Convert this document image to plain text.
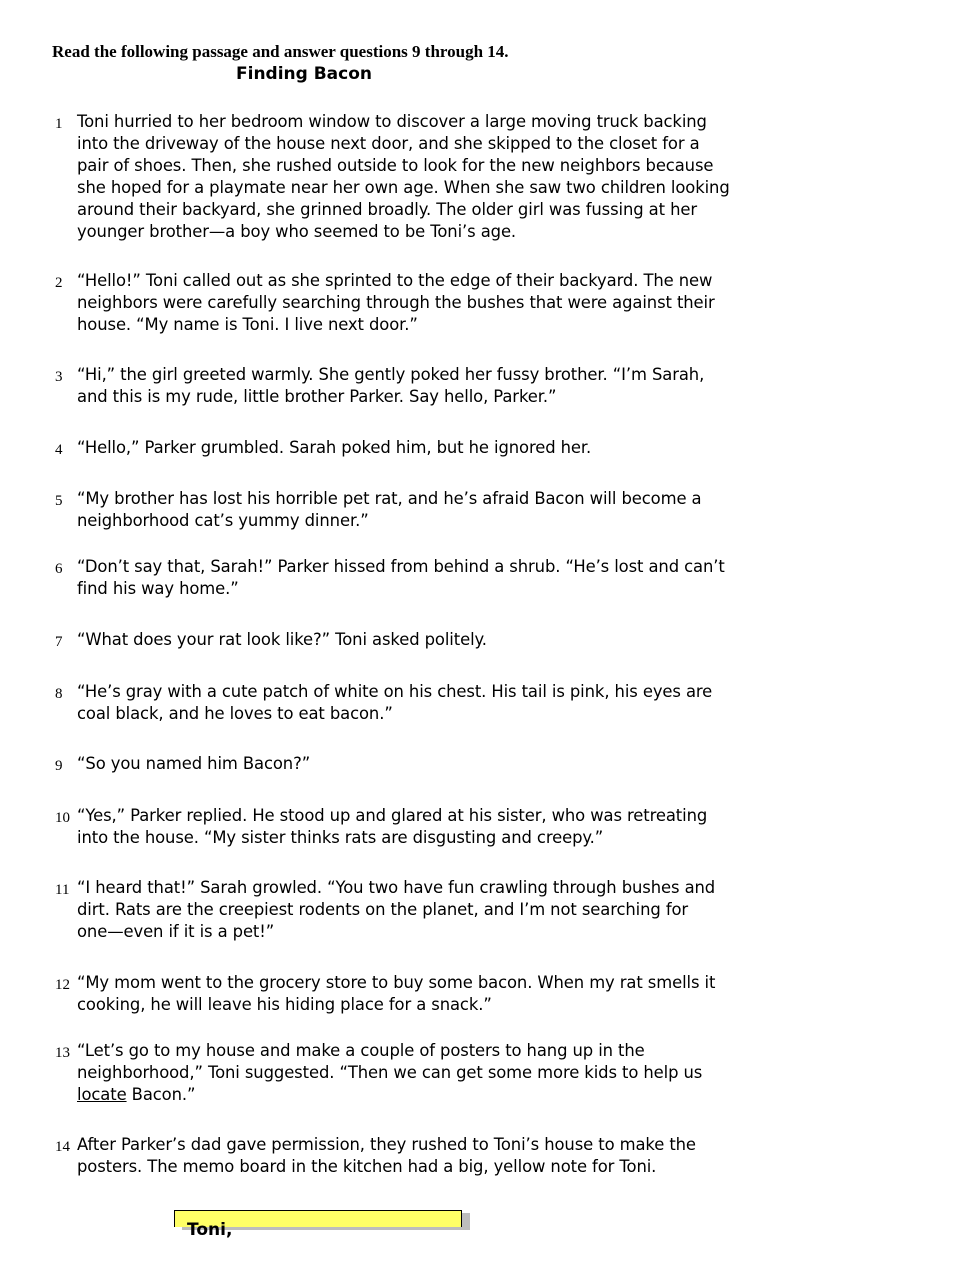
Read the following passage and answer questions 9 through 14.
Finding Bacon
1 Toni hurried to her bedroom window to discover a large moving truck backing
into the driveway of the house next door, and she skipped to the closet for a
pair of shoes. Then, she rushed outside to look for the new neighbors because
she hoped for a playmate near her own age. When she saw two children looking
around their backyard, she grinned broadly. The older girl was fussing at her
younger brother—a boy who seemed to be Toni’s age.
2 “Hello!” Toni called out as she sprinted to the edge of their backyard. The new
neighbors were carefully searching through the bushes that were against their
house. “My name is Toni. I live next door.”
3 “Hi,” the girl greeted warmly. She gently poked her fussy brother. “I’m Sarah,
and this is my rude, little brother Parker. Say hello, Parker.”
4 “Hello,” Parker grumbled. Sarah poked him, but he ignored her.
5 “My brother has lost his horrible pet rat, and he’s afraid Bacon will become a
neighborhood cat’s yummy dinner.”
6 “Don’t say that, Sarah!” Parker hissed from behind a shrub. “He’s lost and can’t
find his way home.”
7 “What does your rat look like?” Toni asked politely.
8 “He’s gray with a cute patch of white on his chest. His tail is pink, his eyes are
coal black, and he loves to eat bacon.”
9 “So you named him Bacon?”
10 “Yes,” Parker replied. He stood up and glared at his sister, who was retreating
into the house. “My sister thinks rats are disgusting and creepy.”
11 “I heard that!” Sarah growled. “You two have fun crawling through bushes and
dirt. Rats are the creepiest rodents on the planet, and I’m not searching for
one—even if it is a pet!”
12 “My mom went to the grocery store to buy some bacon. When my rat smells it
cooking, he will leave his hiding place for a snack.”
13 “Let’s go to my house and make a couple of posters to hang up in the
neighborhood,” Toni suggested. “Then we can get some more kids to help us
locate Bacon.”
14 After Parker’s dad gave permission, they rushed to Toni’s house to make the
posters. The memo board in the kitchen had a big, yellow note for Toni.
Toni,
